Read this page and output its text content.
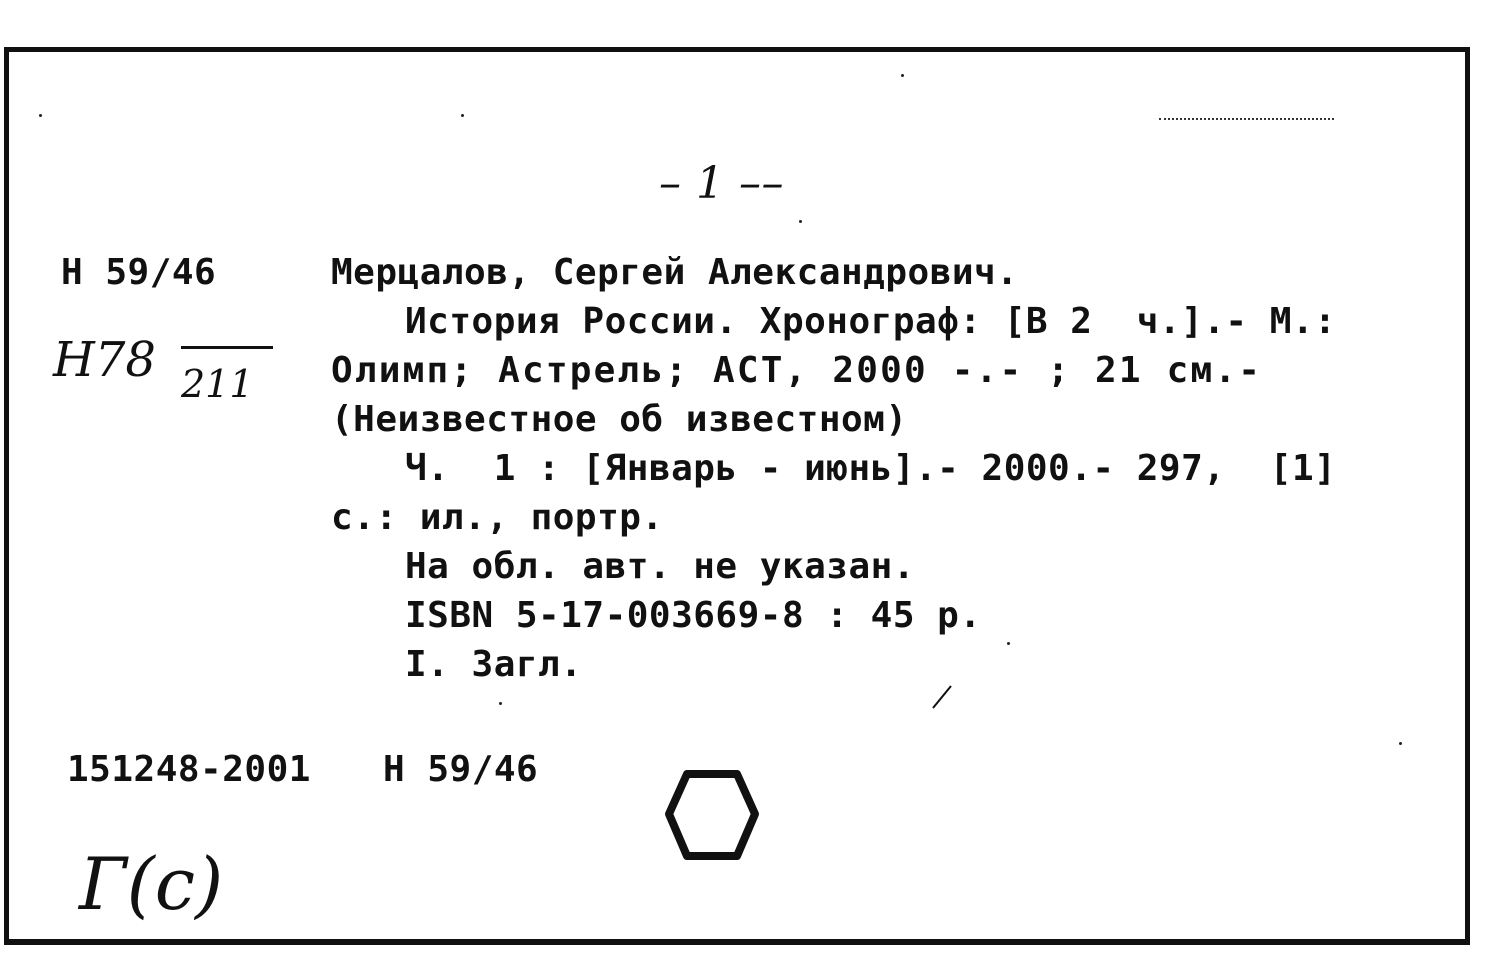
– 1 ––
Н 59/46
Н78 211
Мерцалов, Сергей Александрович.
История России. Хронограф: [В 2  ч.].- М.:
Олимп; Астрель; АСТ, 2000 -.- ; 21 см.-
(Неизвестное об известном)
Ч.  1 : [Январь - июнь].- 2000.- 297,  [1]
с.: ил., портр.
На обл. авт. не указан.
ISBN 5-17-003669-8 : 45 р.
I. Загл.
151248-2001 Н 59/46
Г(с)
